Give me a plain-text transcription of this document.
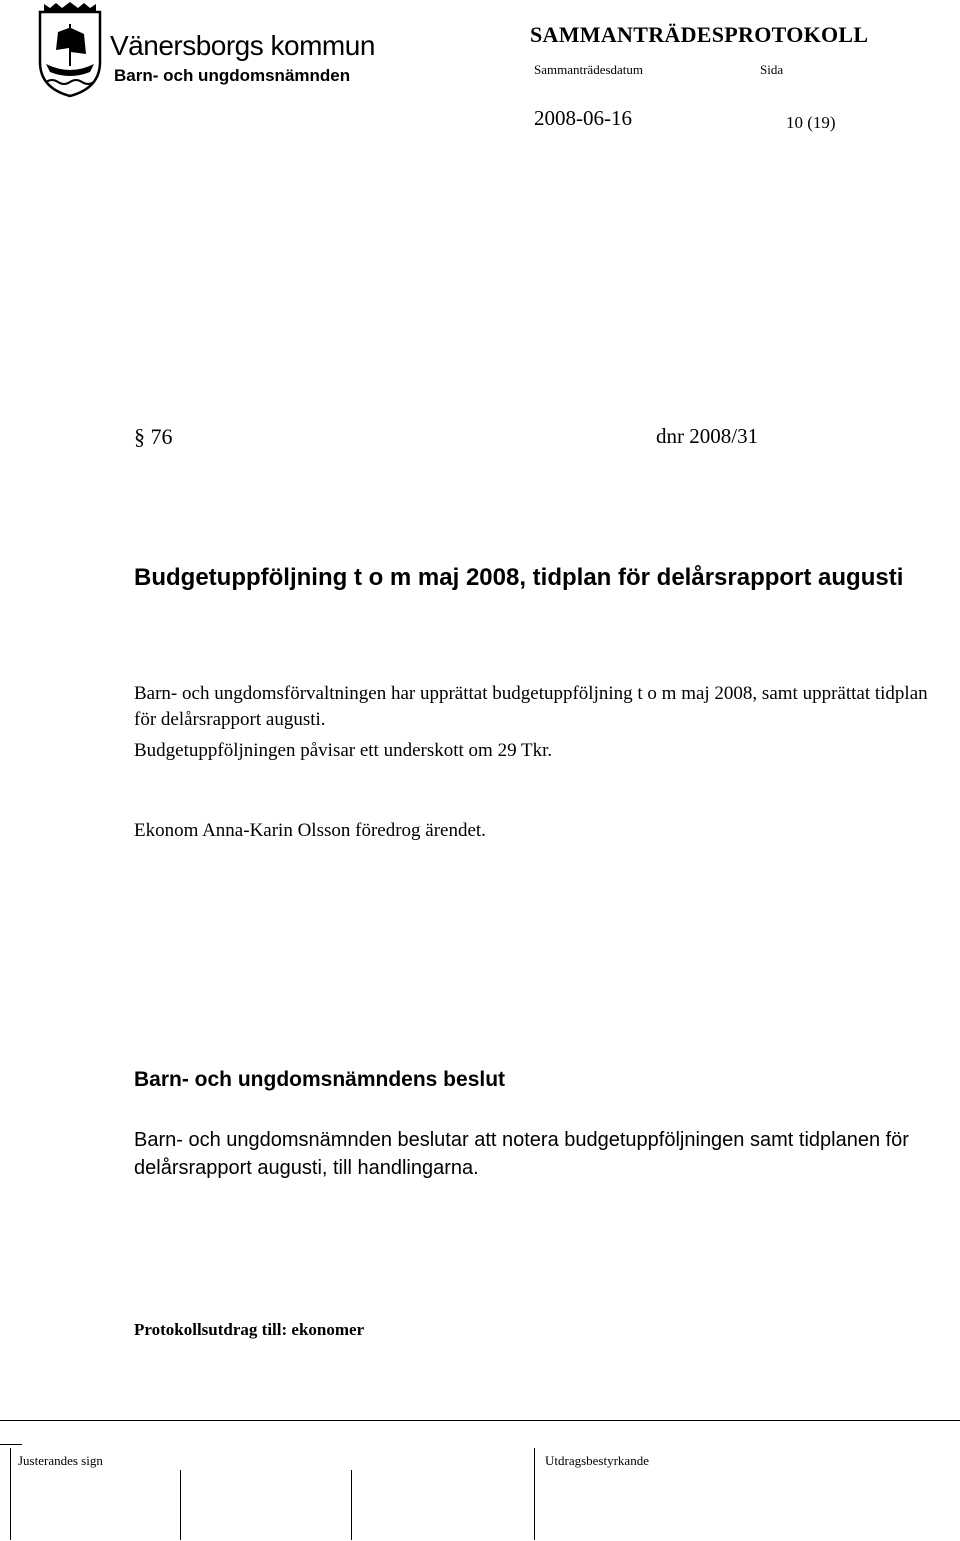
Vänersborgs kommun
Barn- och ungdomsnämnden
SAMMANTRÄDESPROTOKOLL
Sammanträdesdatum	Sida
2008-06-16	10 (19)
§ 76	dnr 2008/31
Budgetuppföljning t o m maj 2008, tidplan för delårsrapport augusti
Barn- och ungdomsförvaltningen har upprättat budgetuppföljning t o m maj 2008, samt upprättat tidplan för delårsrapport augusti.
Budgetuppföljningen påvisar ett underskott om 29 Tkr.
Ekonom Anna-Karin Olsson föredrog ärendet.
Barn- och ungdomsnämndens beslut
Barn- och ungdomsnämnden beslutar att notera budgetuppföljningen samt tidplanen för delårsrapport augusti, till handlingarna.
Protokollsutdrag till: ekonomer
Justerandes sign	Utdragsbestyrkande
